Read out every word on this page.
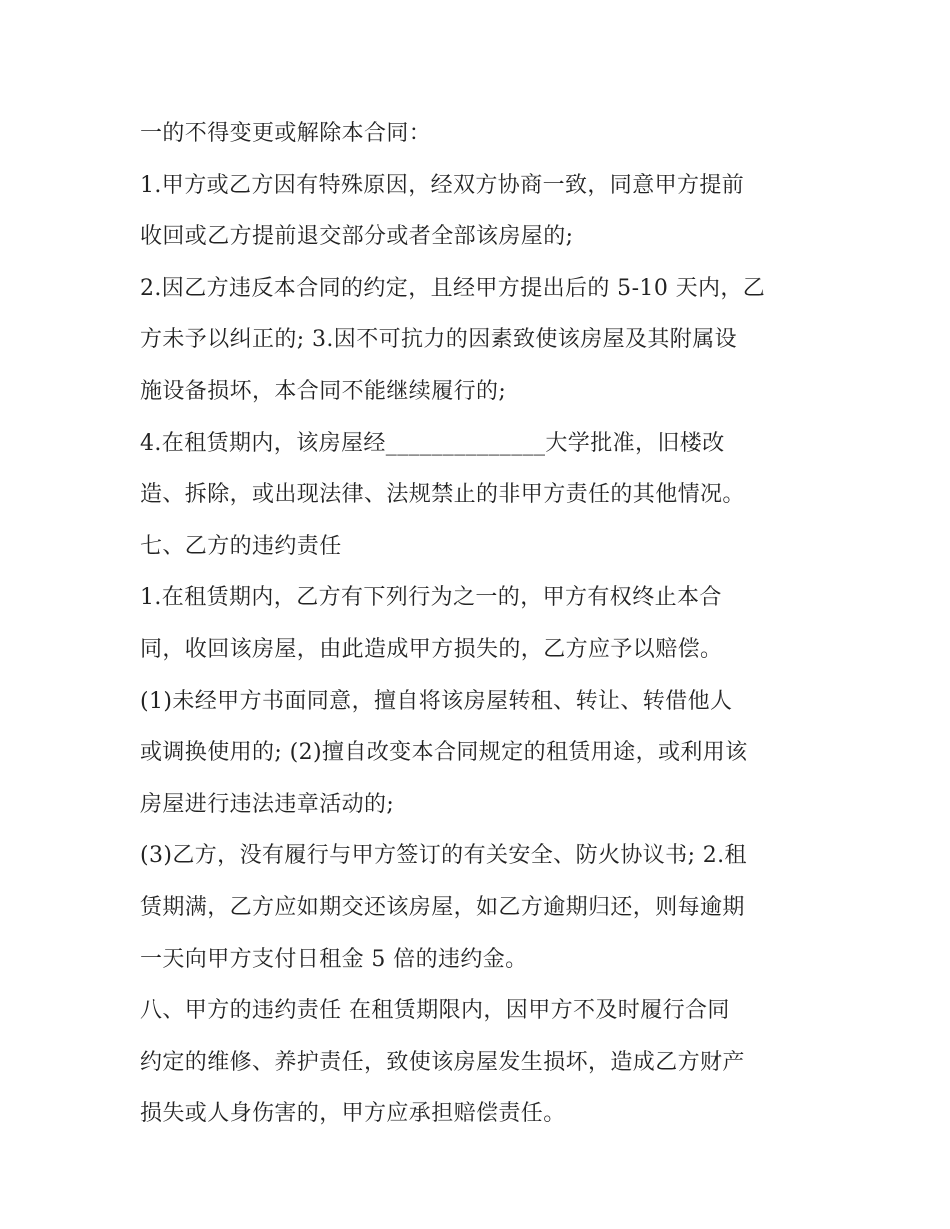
一的不得变更或解除本合同：
1.甲方或乙方因有特殊原因，经双方协商一致，同意甲方提前
收回或乙方提前退交部分或者全部该房屋的;
2.因乙方违反本合同的约定，且经甲方提出后的 5-10 天内，乙
方未予以纠正的; 3.因不可抗力的因素致使该房屋及其附属设
施设备损坏，本合同不能继续履行的;
4.在租赁期内，该房屋经______________大学批准，旧楼改
造、拆除，或出现法律、法规禁止的非甲方责任的其他情况。
七、乙方的违约责任
1.在租赁期内，乙方有下列行为之一的，甲方有权终止本合
同，收回该房屋，由此造成甲方损失的，乙方应予以赔偿。
(1)未经甲方书面同意，擅自将该房屋转租、转让、转借他人
或调换使用的; (2)擅自改变本合同规定的租赁用途，或利用该
房屋进行违法违章活动的;
(3)乙方，没有履行与甲方签订的有关安全、防火协议书; 2.租
赁期满，乙方应如期交还该房屋，如乙方逾期归还，则每逾期
一天向甲方支付日租金 5 倍的违约金。
八、甲方的违约责任 在租赁期限内，因甲方不及时履行合同
约定的维修、养护责任，致使该房屋发生损坏，造成乙方财产
损失或人身伤害的，甲方应承担赔偿责任。
